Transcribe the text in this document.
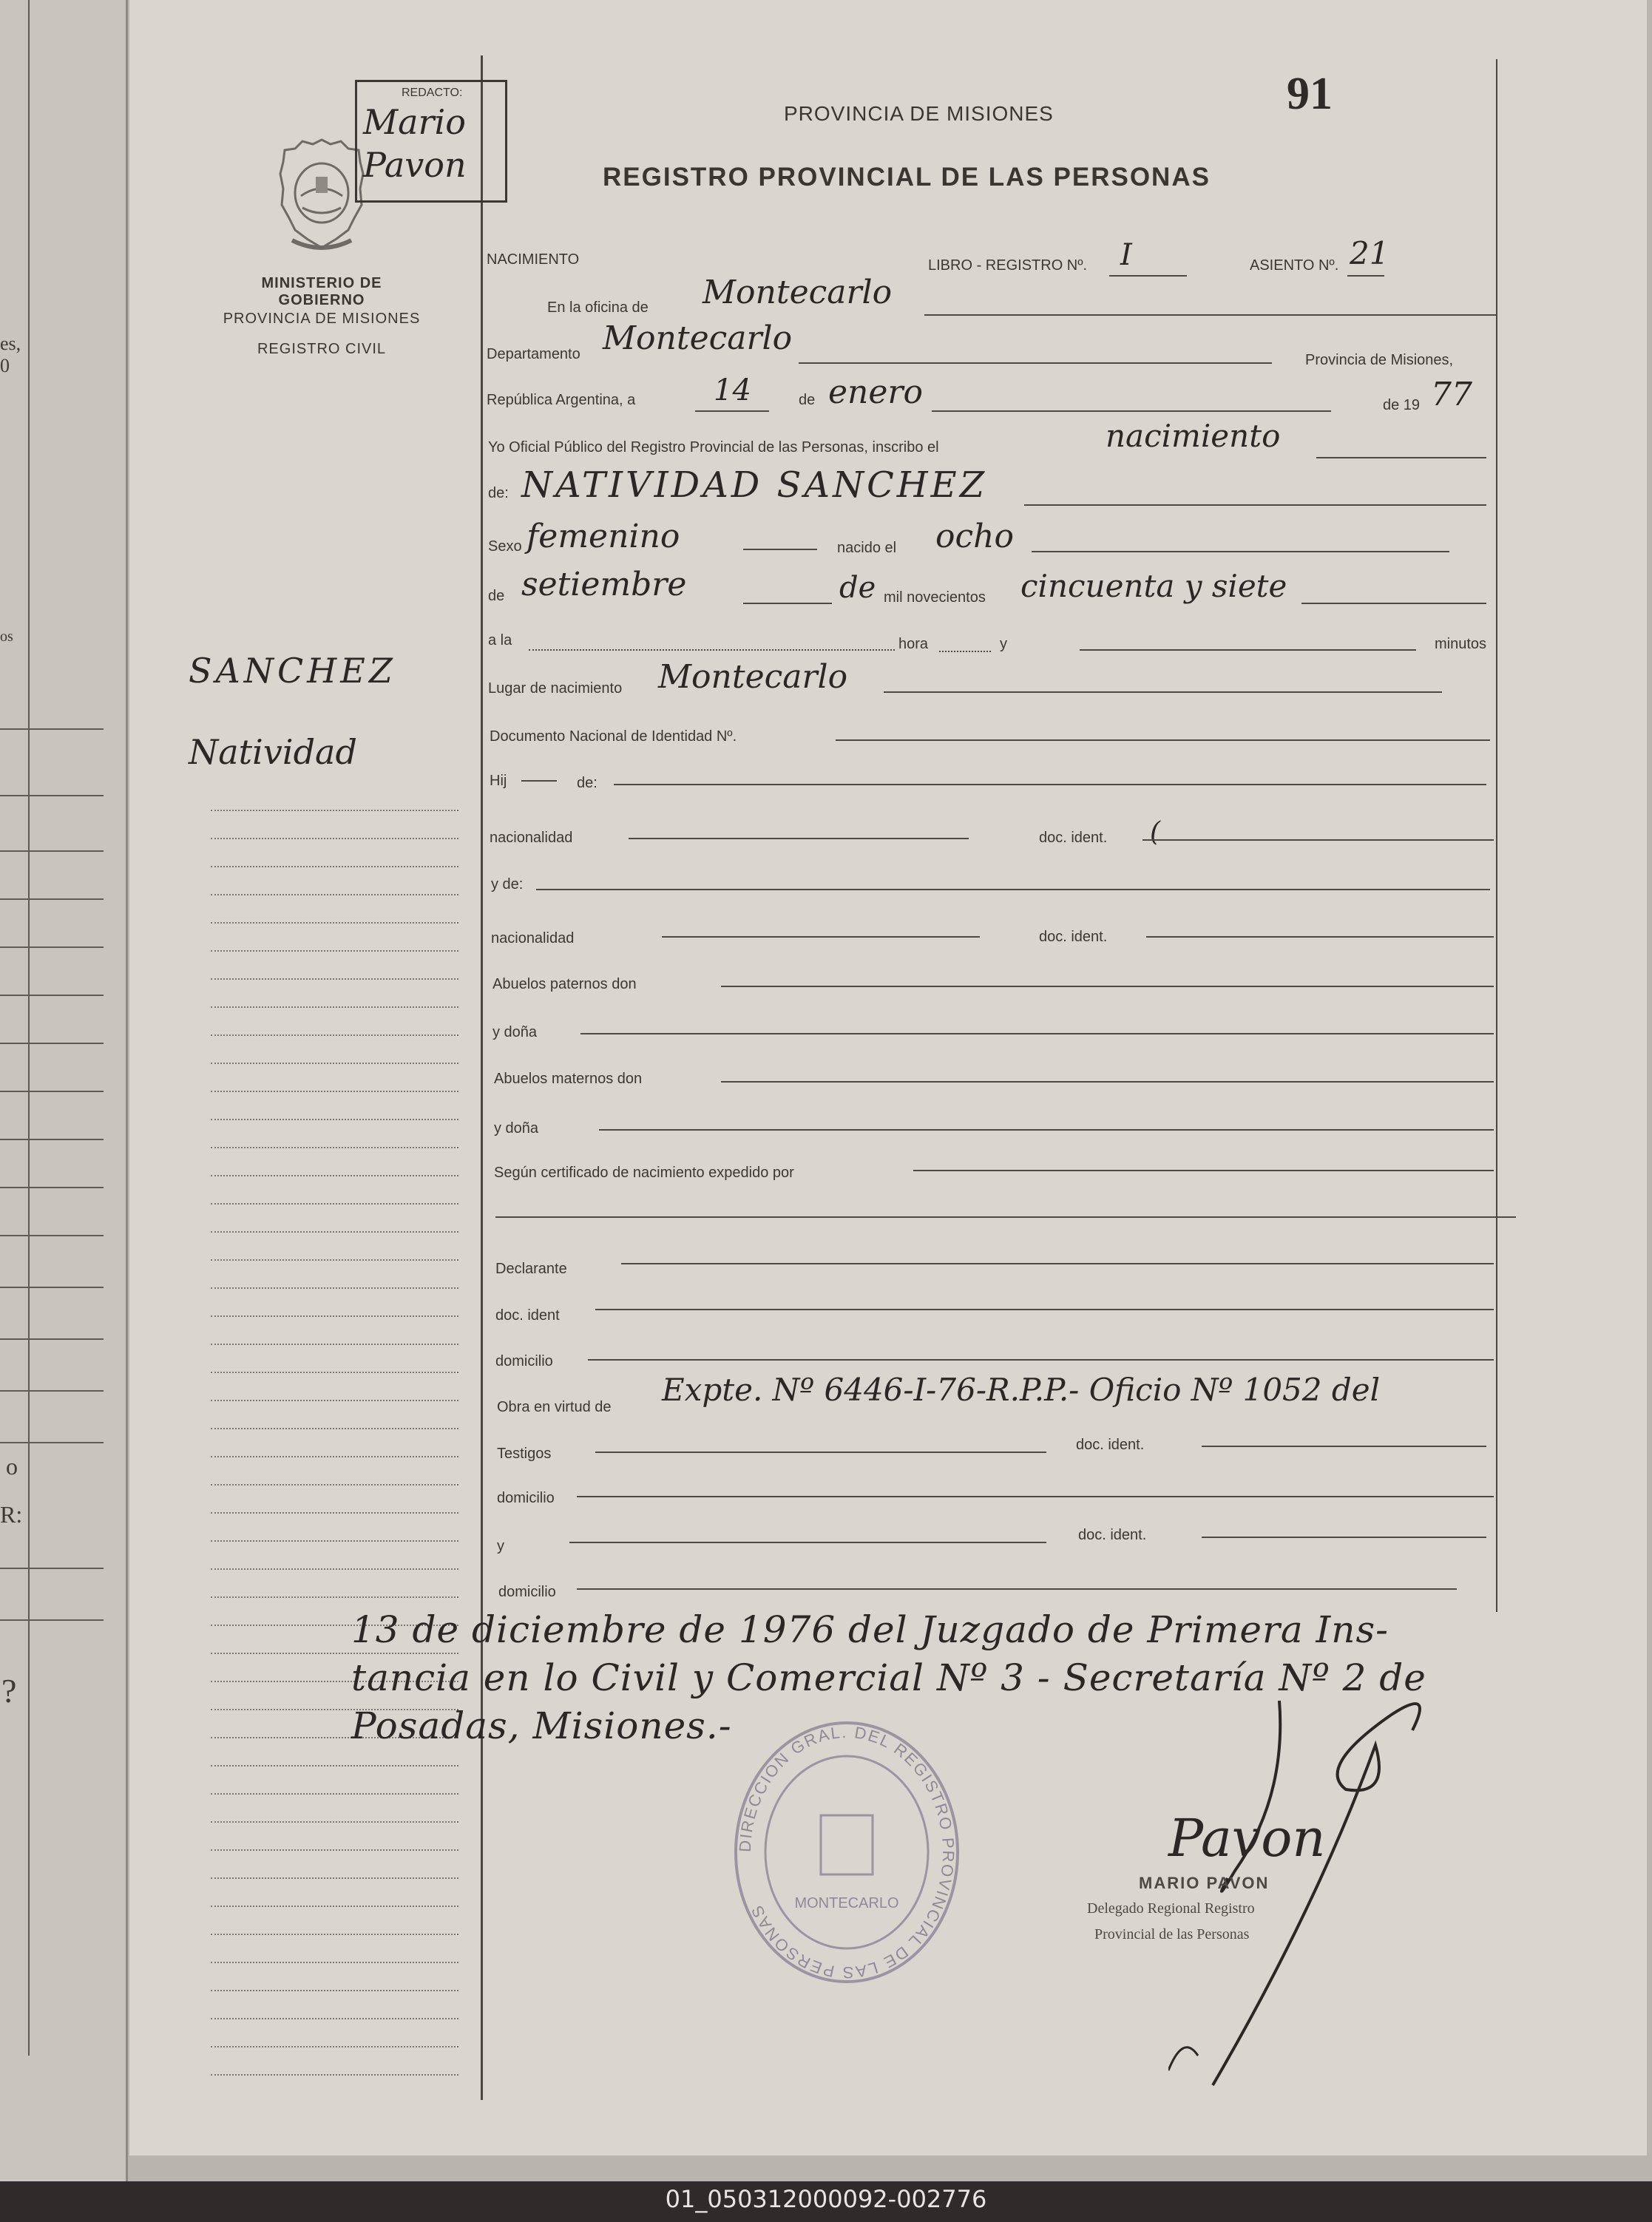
es,
0
os
o
R:
?
MINISTERIO DE GOBIERNO
PROVINCIA DE MISIONES
REGISTRO CIVIL
SANCHEZ
Natividad
REDACTO:
Mario Pavon
91
PROVINCIA DE MISIONES
REGISTRO PROVINCIAL DE LAS PERSONAS
NACIMIENTO	LIBRO - REGISTRO Nº. I	ASIENTO Nº. 21
En la oficina de Montecarlo
Departamento Montecarlo
Provincia de Misiones,
República Argentina, a	14	de enero	de 19 77
Yo Oficial Público del Registro Provincial de las Personas, inscribo el	nacimiento
de: NATIVIDAD SANCHEZ
Sexo femenino	nacido el ocho
de setiembre	de mil novecientos cincuenta y siete
a la	hora	y	minutos
Lugar de nacimiento Montecarlo
Documento Nacional de Identidad Nº.
Hij	de:
nacionalidad	doc. ident. (
y de:
nacionalidad	doc. ident.
Abuelos paternos don
y doña
Abuelos maternos don
y doña
Según certificado de nacimiento expedido por
Declarante
doc. ident
domicilio
Obra en virtud de Expte. Nº 6446-I-76-R.P.P.- Oficio Nº 1052 del
Testigos
doc. ident.
domicilio
y
doc. ident.
domicilio
13 de diciembre de 1976 del Juzgado de Primera Ins-
tancia en lo Civil y Comercial Nº 3 - Secretaría Nº 2 de
Posadas, Misiones.-
DIRECCION GRAL. DEL REGISTRO PROVINCIAL DE LAS PERSONAS	MONTECARLO
Pavon
MARIO PAVON
Delegado Regional Registro
Provincial de las Personas
01_050312000092-002776
